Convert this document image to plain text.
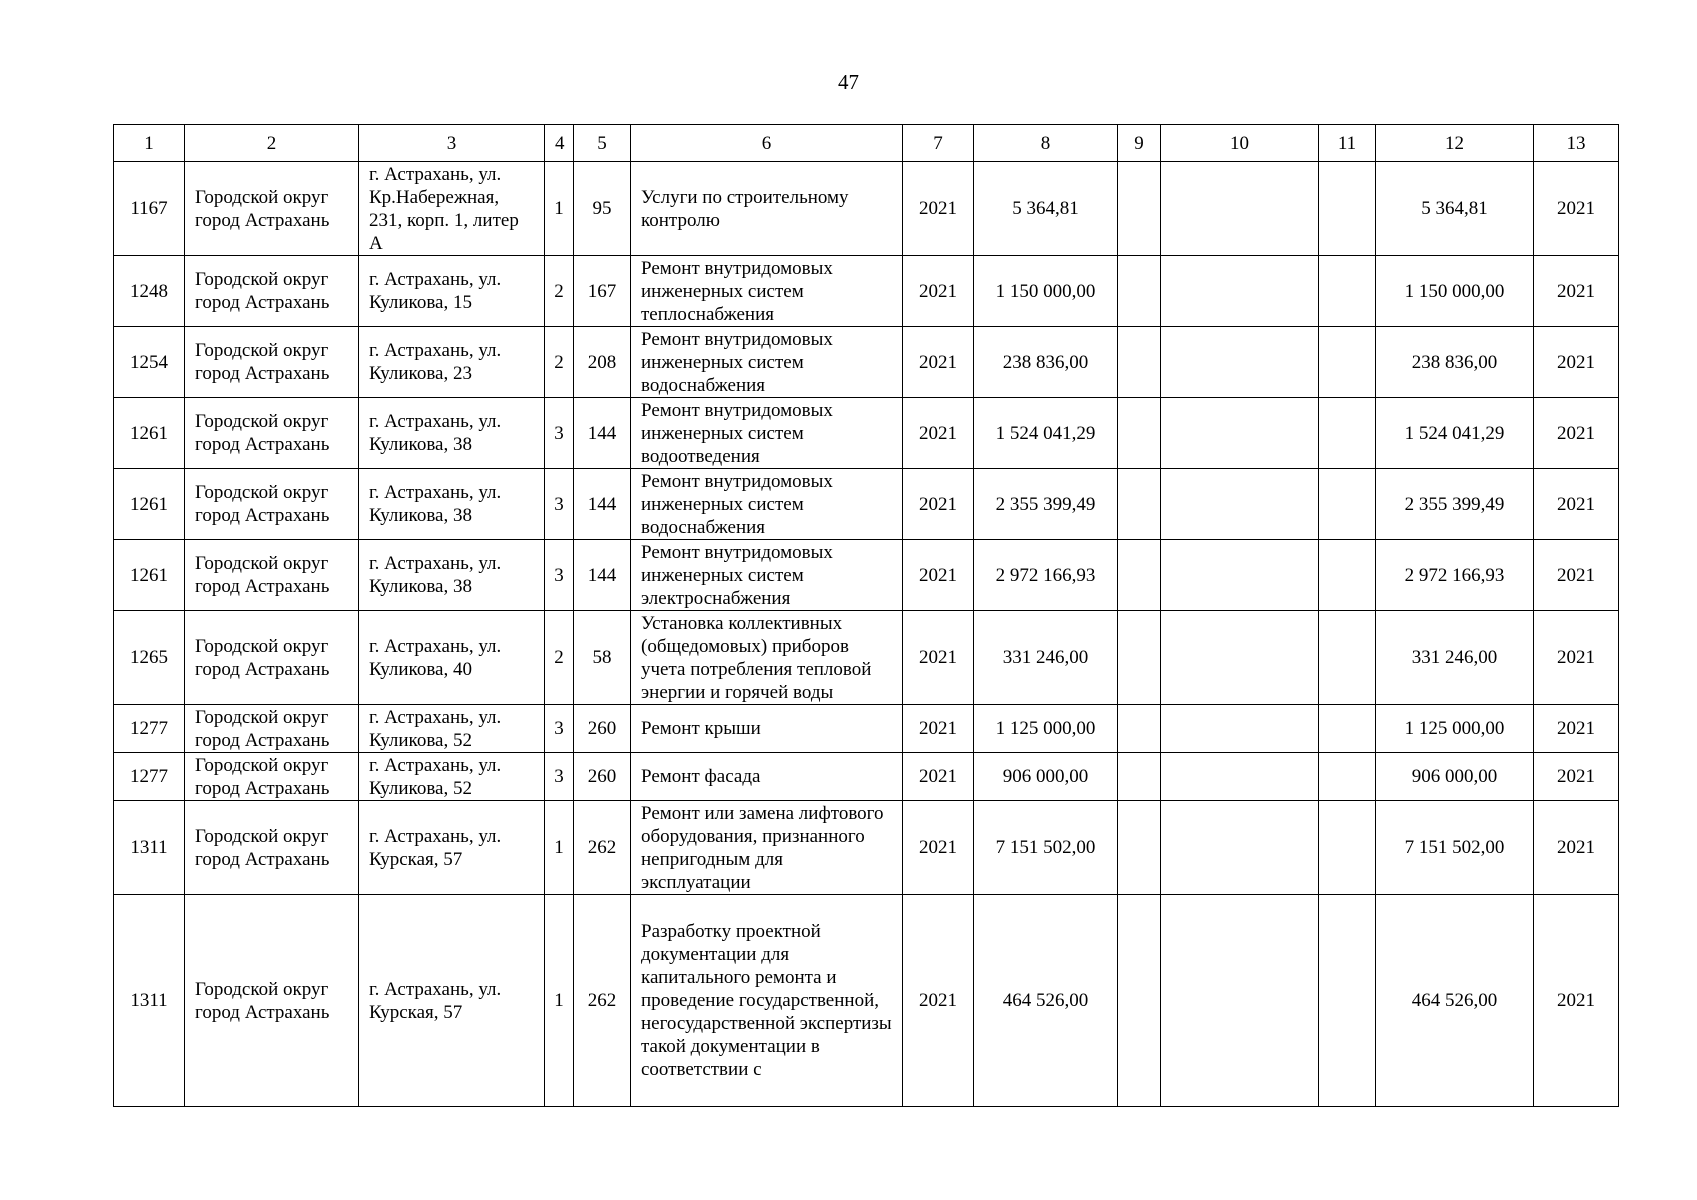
47
1	2	3	4	5	6	7	8	9	10	11	12	13
1167	Городской округ город Астрахань	г. Астрахань, ул. Кр.Набережная, 231, корп. 1, литер А	1	95	Услуги по строительному контролю	2021	5 364,81				5 364,81	2021
1248	Городской округ город Астрахань	г. Астрахань, ул. Куликова, 15	2	167	Ремонт внутридомовых инженерных систем теплоснабжения	2021	1 150 000,00				1 150 000,00	2021
1254	Городской округ город Астрахань	г. Астрахань, ул. Куликова, 23	2	208	Ремонт внутридомовых инженерных систем водоснабжения	2021	238 836,00				238 836,00	2021
1261	Городской округ город Астрахань	г. Астрахань, ул. Куликова, 38	3	144	Ремонт внутридомовых инженерных систем водоотведения	2021	1 524 041,29				1 524 041,29	2021
1261	Городской округ город Астрахань	г. Астрахань, ул. Куликова, 38	3	144	Ремонт внутридомовых инженерных систем водоснабжения	2021	2 355 399,49				2 355 399,49	2021
1261	Городской округ город Астрахань	г. Астрахань, ул. Куликова, 38	3	144	Ремонт внутридомовых инженерных систем электроснабжения	2021	2 972 166,93				2 972 166,93	2021
1265	Городской округ город Астрахань	г. Астрахань, ул. Куликова, 40	2	58	Установка коллективных (общедомовых) приборов учета потребления тепловой энергии и горячей воды	2021	331 246,00				331 246,00	2021
1277	Городской округ город Астрахань	г. Астрахань, ул. Куликова, 52	3	260	Ремонт крыши	2021	1 125 000,00				1 125 000,00	2021
1277	Городской округ город Астрахань	г. Астрахань, ул. Куликова, 52	3	260	Ремонт фасада	2021	906 000,00				906 000,00	2021
1311	Городской округ город Астрахань	г. Астрахань, ул. Курская, 57	1	262	Ремонт или замена лифтового оборудования, признанного непригодным для эксплуатации	2021	7 151 502,00				7 151 502,00	2021
1311	Городской округ город Астрахань	г. Астрахань, ул. Курская, 57	1	262	Разработку проектной документации для капитального ремонта и проведение государственной, негосударственной экспертизы такой документации в соответствии с	2021	464 526,00				464 526,00	2021
